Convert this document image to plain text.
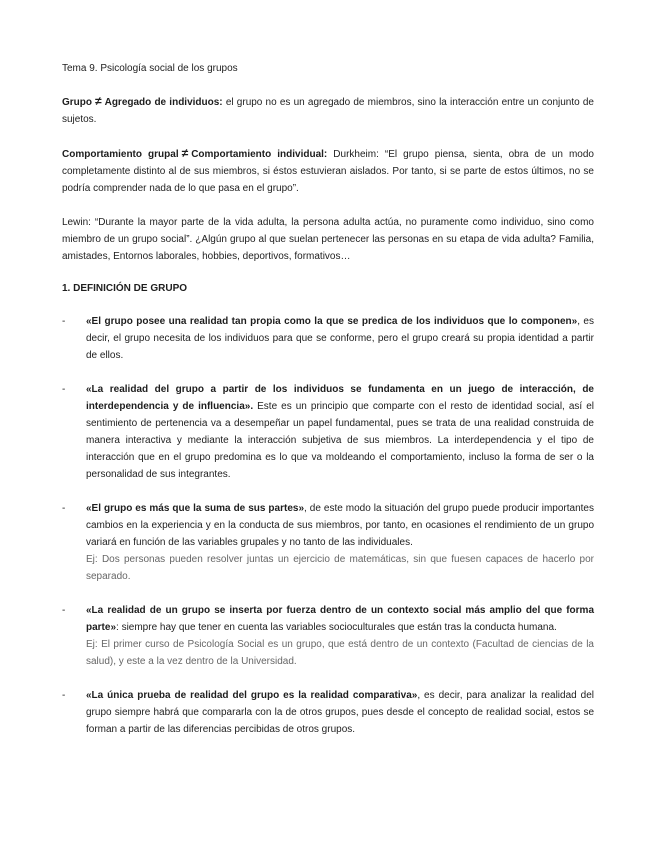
Tema 9. Psicología social de los grupos

Grupo ≠ Agregado de individuos: el grupo no es un agregado de miembros, sino la interacción entre un conjunto de sujetos.

Comportamiento grupal ≠ Comportamiento individual: Durkheim: “El grupo piensa, sienta, obra de un modo completamente distinto al de sus miembros, si éstos estuvieran aislados. Por tanto, si se parte de estos últimos, no se podría comprender nada de lo que pasa en el grupo”.

Lewin: “Durante la mayor parte de la vida adulta, la persona adulta actúa, no puramente como individuo, sino como miembro de un grupo social”. ¿Algún grupo al que suelan pertenecer las personas en su etapa de vida adulta? Familia, amistades, Entornos laborales, hobbies, deportivos, formativos…

1. DEFINICIÓN DE GRUPO

- «El grupo posee una realidad tan propia como la que se predica de los individuos que lo componen», es decir, el grupo necesita de los individuos para que se conforme, pero el grupo creará su propia identidad a partir de ellos.

- «La realidad del grupo a partir de los individuos se fundamenta en un juego de interacción, de interdependencia y de influencia». Este es un principio que comparte con el resto de identidad social, así el sentimiento de pertenencia va a desempeñar un papel fundamental, pues se trata de una realidad construida de manera interactiva y mediante la interacción subjetiva de sus miembros. La interdependencia y el tipo de interacción que en el grupo predomina es lo que va moldeando el comportamiento, incluso la forma de ser o la personalidad de sus integrantes.

- «El grupo es más que la suma de sus partes», de este modo la situación del grupo puede producir importantes cambios en la experiencia y en la conducta de sus miembros, por tanto, en ocasiones el rendimiento de un grupo variará en función de las variables grupales y no tanto de las individuales.

Ej: Dos personas pueden resolver juntas un ejercicio de matemáticas, sin que fuesen capaces de hacerlo por separado.

- «La realidad de un grupo se inserta por fuerza dentro de un contexto social más amplio del que forma parte»: siempre hay que tener en cuenta las variables socioculturales que están tras la conducta humana.

Ej: El primer curso de Psicología Social es un grupo, que está dentro de un contexto (Facultad de ciencias de la salud), y este a la vez dentro de la Universidad.

- «La única prueba de realidad del grupo es la realidad comparativa», es decir, para analizar la realidad del grupo siempre habrá que compararla con la de otros grupos, pues desde el concepto de realidad social, estos se forman a partir de las diferencias percibidas de otros grupos.
